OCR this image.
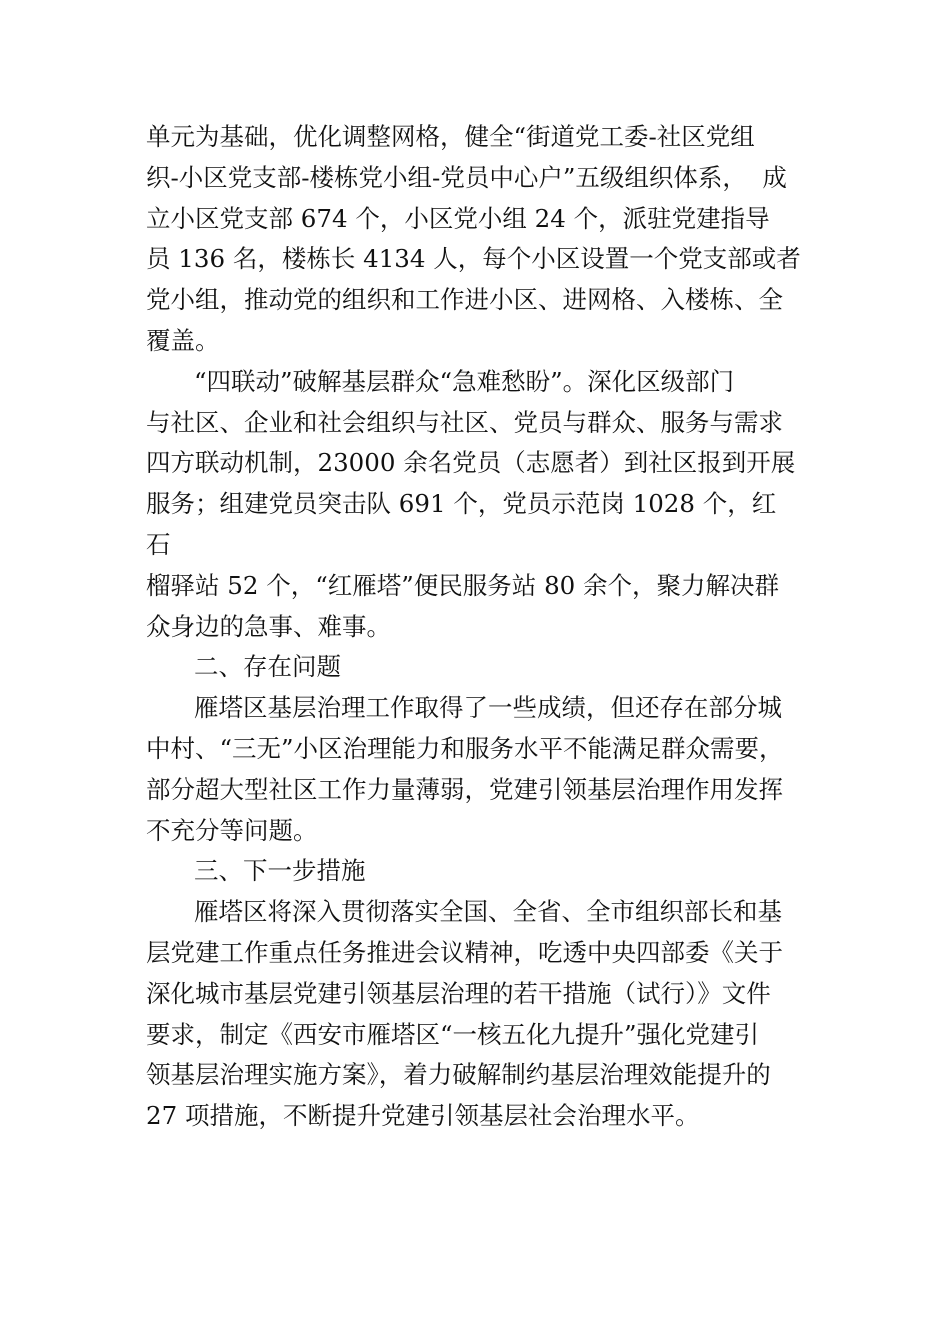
单元为基础，优化调整网格，健全“街道党工委-社区党组
织-小区党支部-楼栋党小组-党员中心户”五级组织体系，  成
立小区党支部 674 个，小区党小组 24 个，派驻党建指导
员 136 名，楼栋长 4134 人，每个小区设置一个党支部或者
党小组，推动党的组织和工作进小区、进网格、入楼栋、全
覆盖。
“四联动”破解基层群众“急难愁盼”。深化区级部门
与社区、企业和社会组织与社区、党员与群众、服务与需求
四方联动机制，23000 余名党员（志愿者）到社区报到开展
服务；组建党员突击队 691 个，党员示范岗 1028 个，红
石
榴驿站 52 个，“红雁塔”便民服务站 80 余个，聚力解决群
众身边的急事、难事。
二、存在问题
雁塔区基层治理工作取得了一些成绩，但还存在部分城
中村、“三无”小区治理能力和服务水平不能满足群众需要，
部分超大型社区工作力量薄弱，党建引领基层治理作用发挥
不充分等问题。
三、下一步措施
雁塔区将深入贯彻落实全国、全省、全市组织部长和基
层党建工作重点任务推进会议精神，吃透中央四部委《关于
深化城市基层党建引领基层治理的若干措施（试行）》文件
要求，制定《西安市雁塔区“一核五化九提升”强化党建引
领基层治理实施方案》，着力破解制约基层治理效能提升的
27 项措施，不断提升党建引领基层社会治理水平。
